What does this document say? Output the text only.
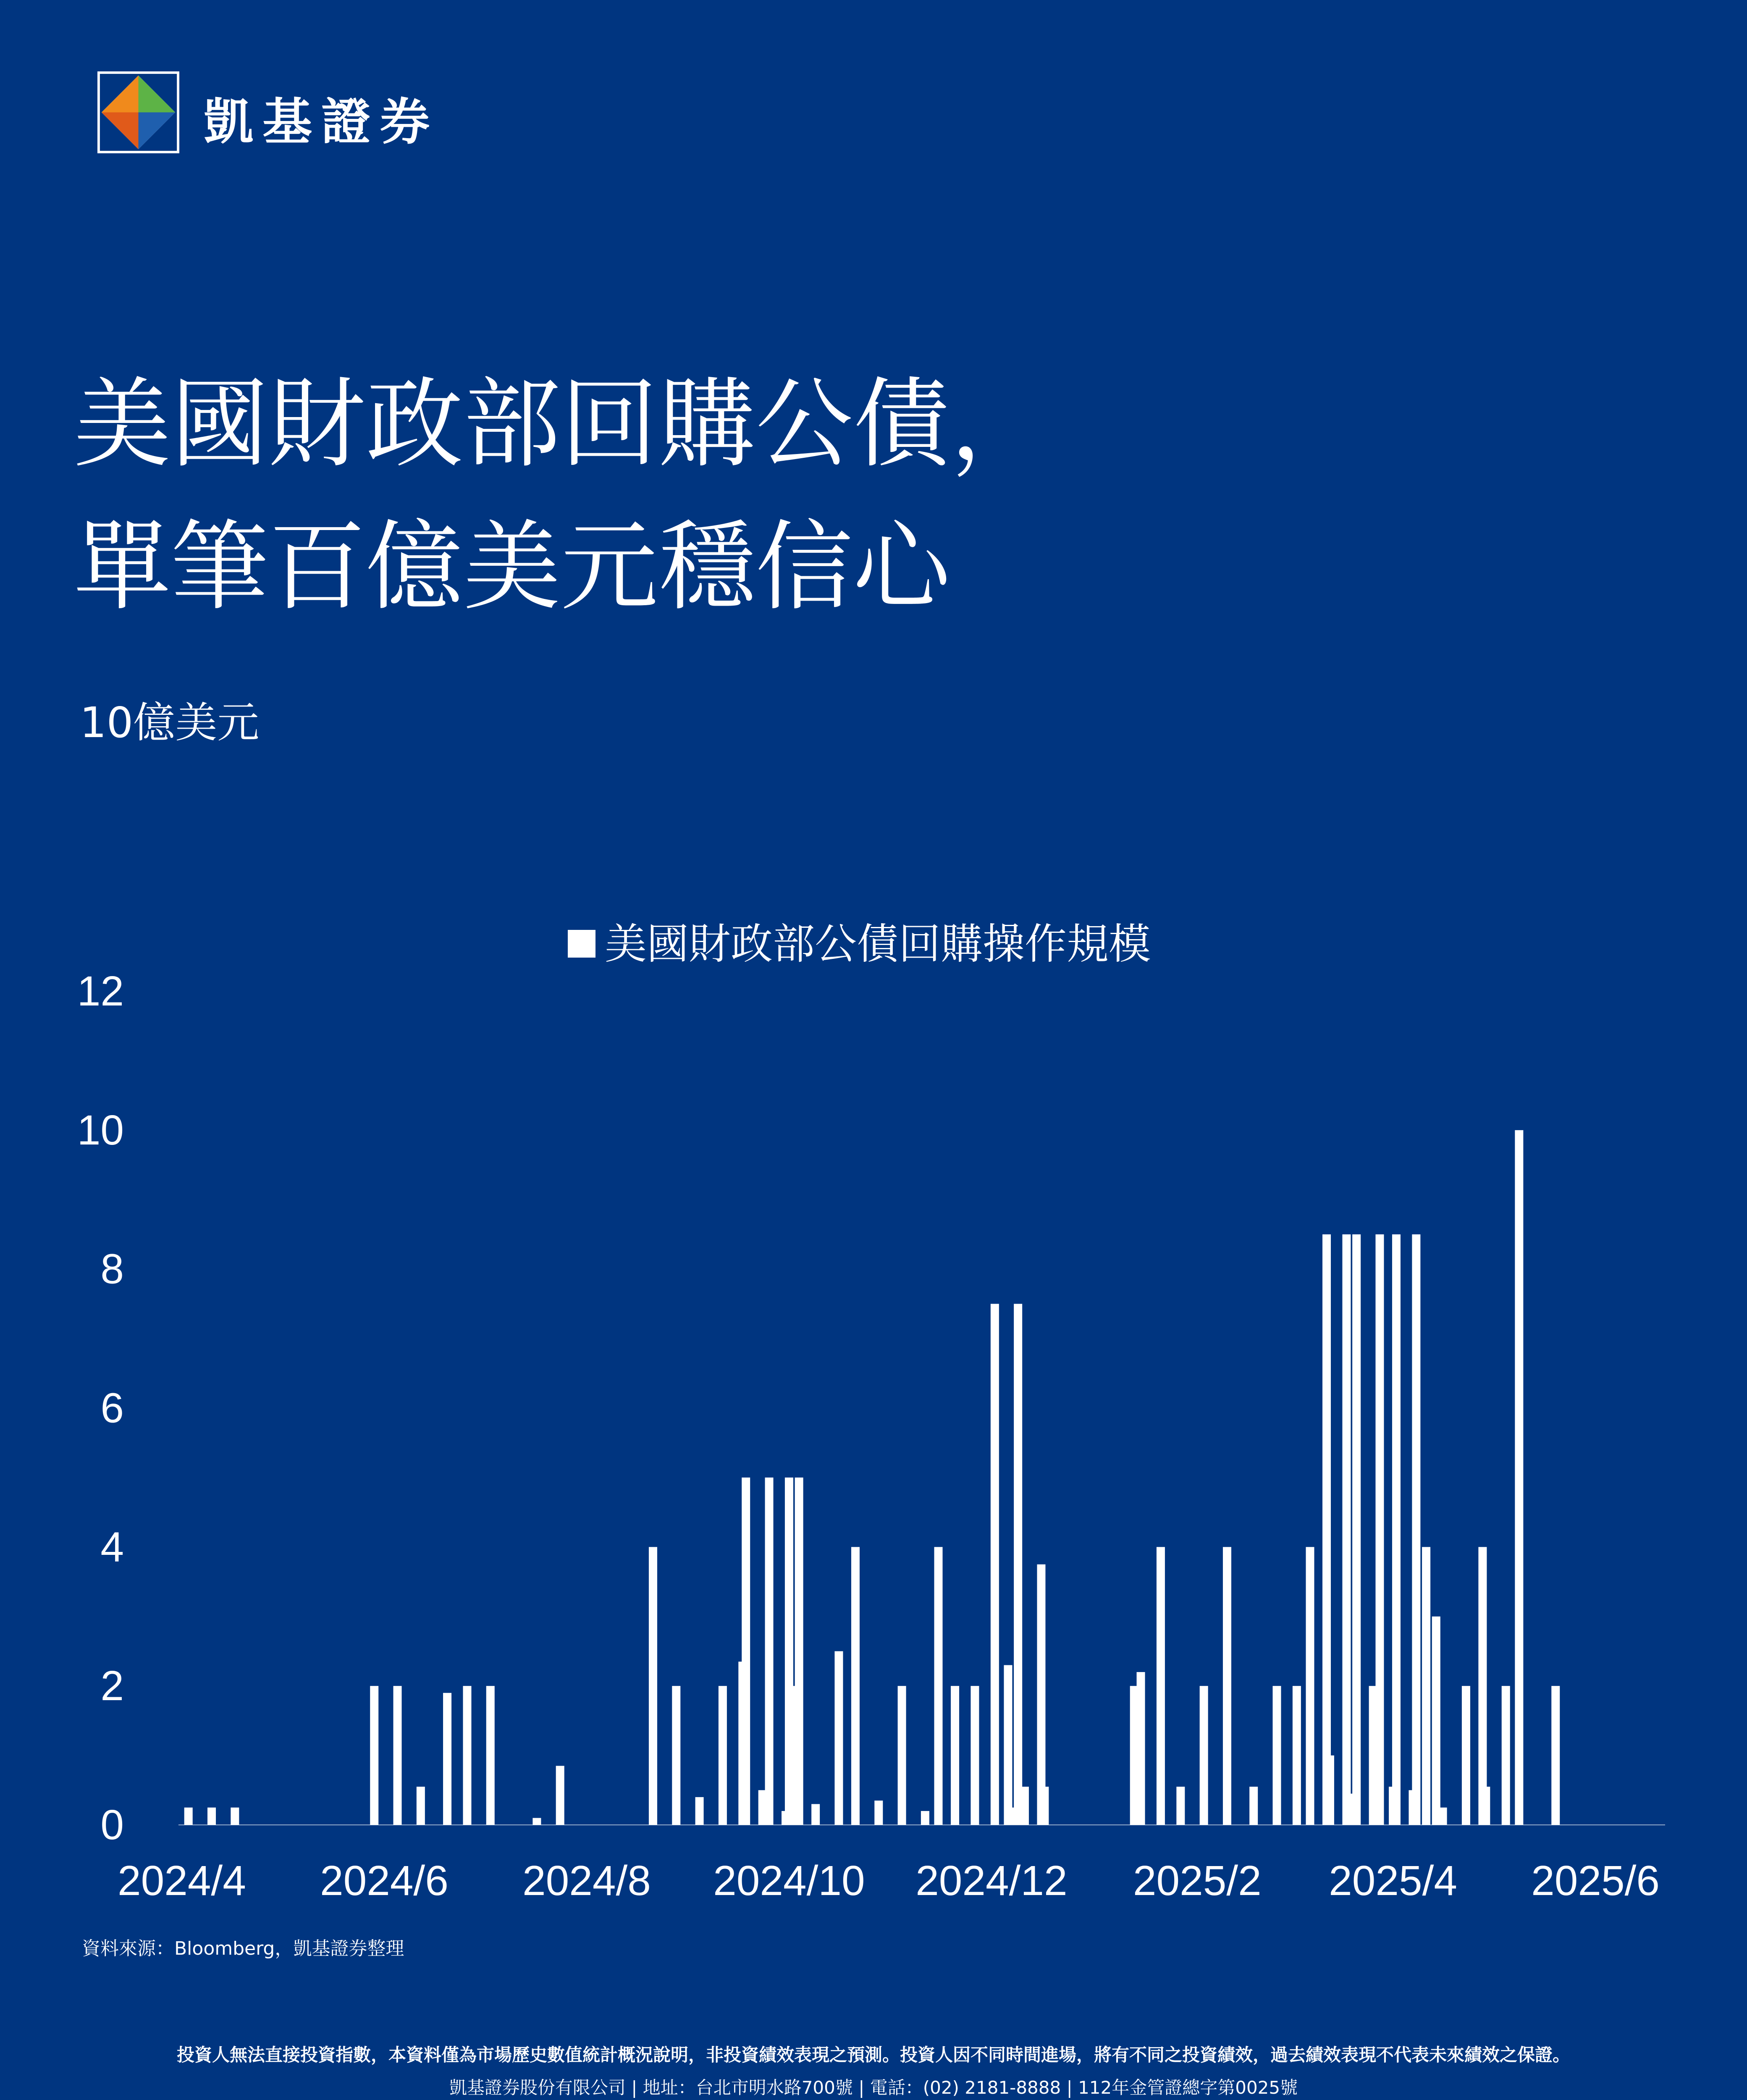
凱基證券
美國財政部回購公債，
單筆百億美元穩信心
10億美元
0
2
4
6
8
10
12
2024/4 2024/6 2024/8 2024/10 2024/12 2025/2 2025/4 2025/6
美國財政部公債回購操作規模
資料來源：Bloomberg，凱基證券整理
投資人無法直接投資指數，本資料僅為市場歷史數值統計概況說明，非投資績效表現之預測。投資人因不同時間進場，將有不同之投資績效，過去績效表現不代表未來績效之保證。
凱基證券股份有限公司 | 地址：台北市明水路700號 | 電話：(02) 2181-8888 | 112年金管證總字第0025號
